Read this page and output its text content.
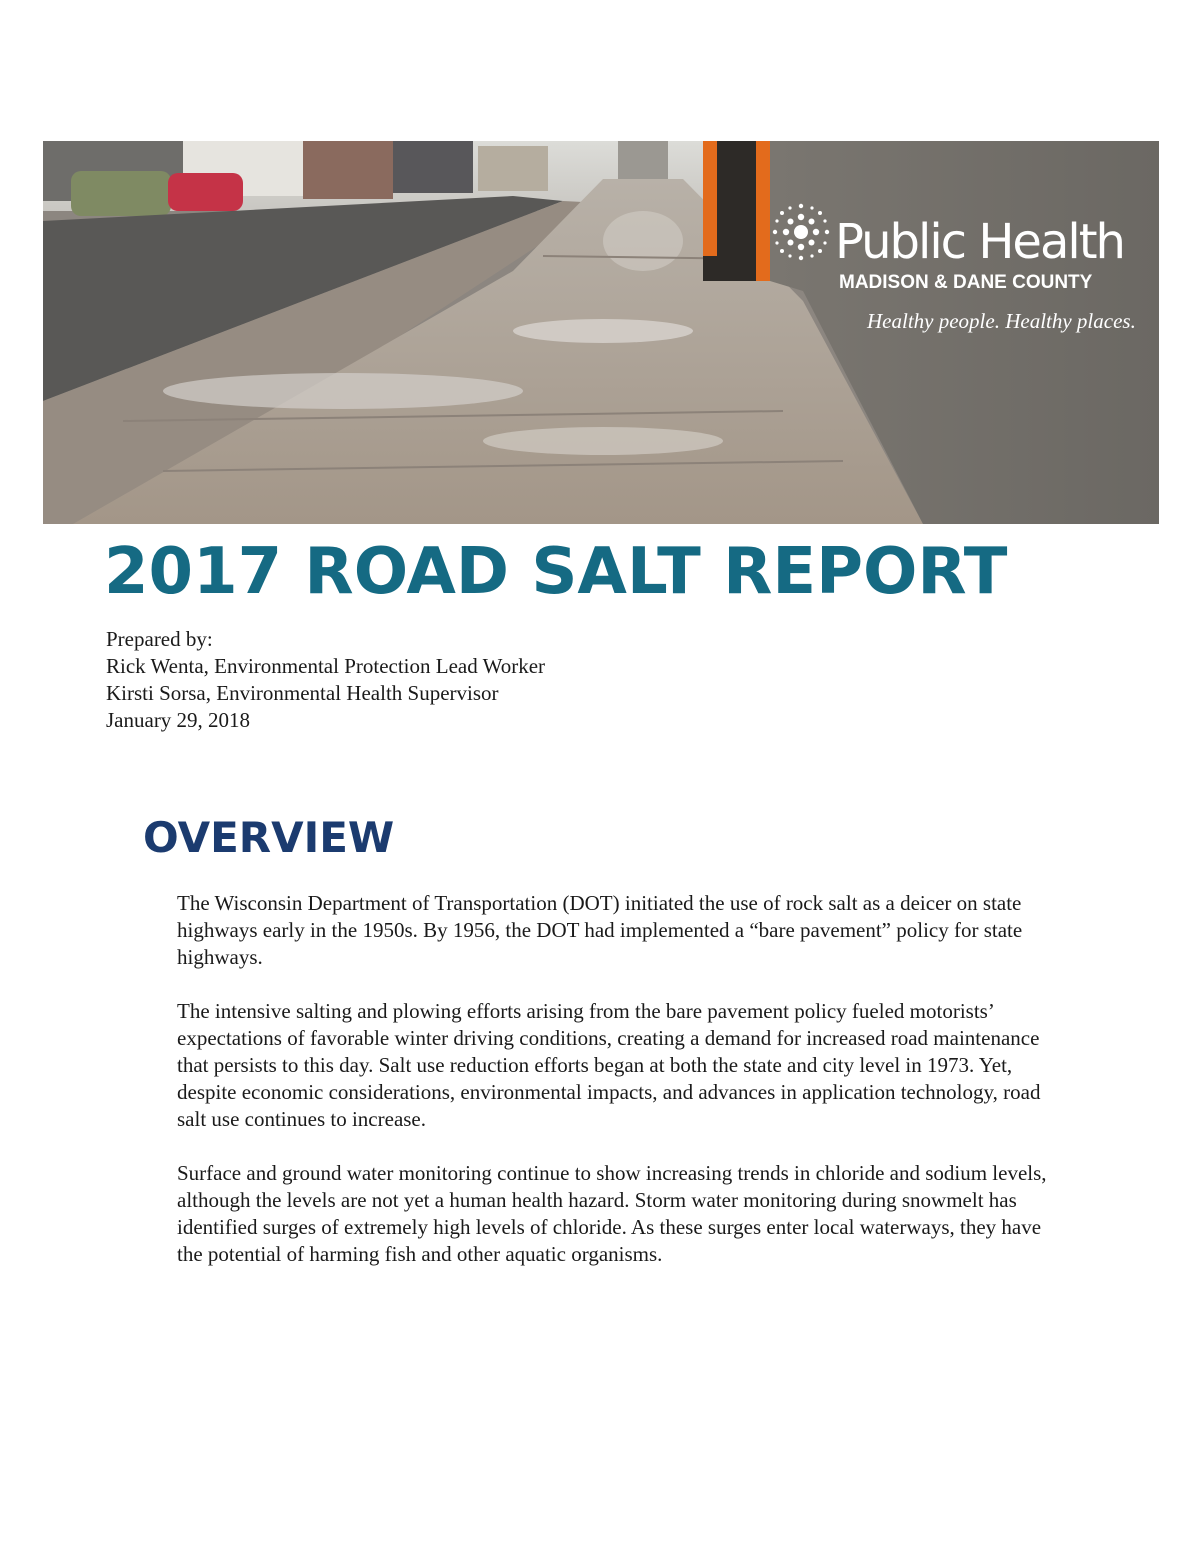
Public Health
MADISON & DANE COUNTY
Healthy people. Healthy places.
2017 ROAD SALT REPORT
Prepared by:
Rick Wenta, Environmental Protection Lead Worker
Kirsti Sorsa, Environmental Health Supervisor
January 29, 2018
OVERVIEW

The Wisconsin Department of Transportation (DOT) initiated the use of rock salt as a deicer on state highways early in the 1950s. By 1956, the DOT had implemented a “bare pavement” policy for state highways.

The intensive salting and plowing efforts arising from the bare pavement policy fueled motorists’ expectations of favorable winter driving conditions, creating a demand for increased road maintenance that persists to this day. Salt use reduction efforts began at both the state and city level in 1973. Yet, despite economic considerations, environmental impacts, and advances in application technology, road salt use continues to increase.

Surface and ground water monitoring continue to show increasing trends in chloride and sodium levels, although the levels are not yet a human health hazard. Storm water monitoring during snowmelt has identified surges of extremely high levels of chloride. As these surges enter local waterways, they have the potential of harming fish and other aquatic organisms.
